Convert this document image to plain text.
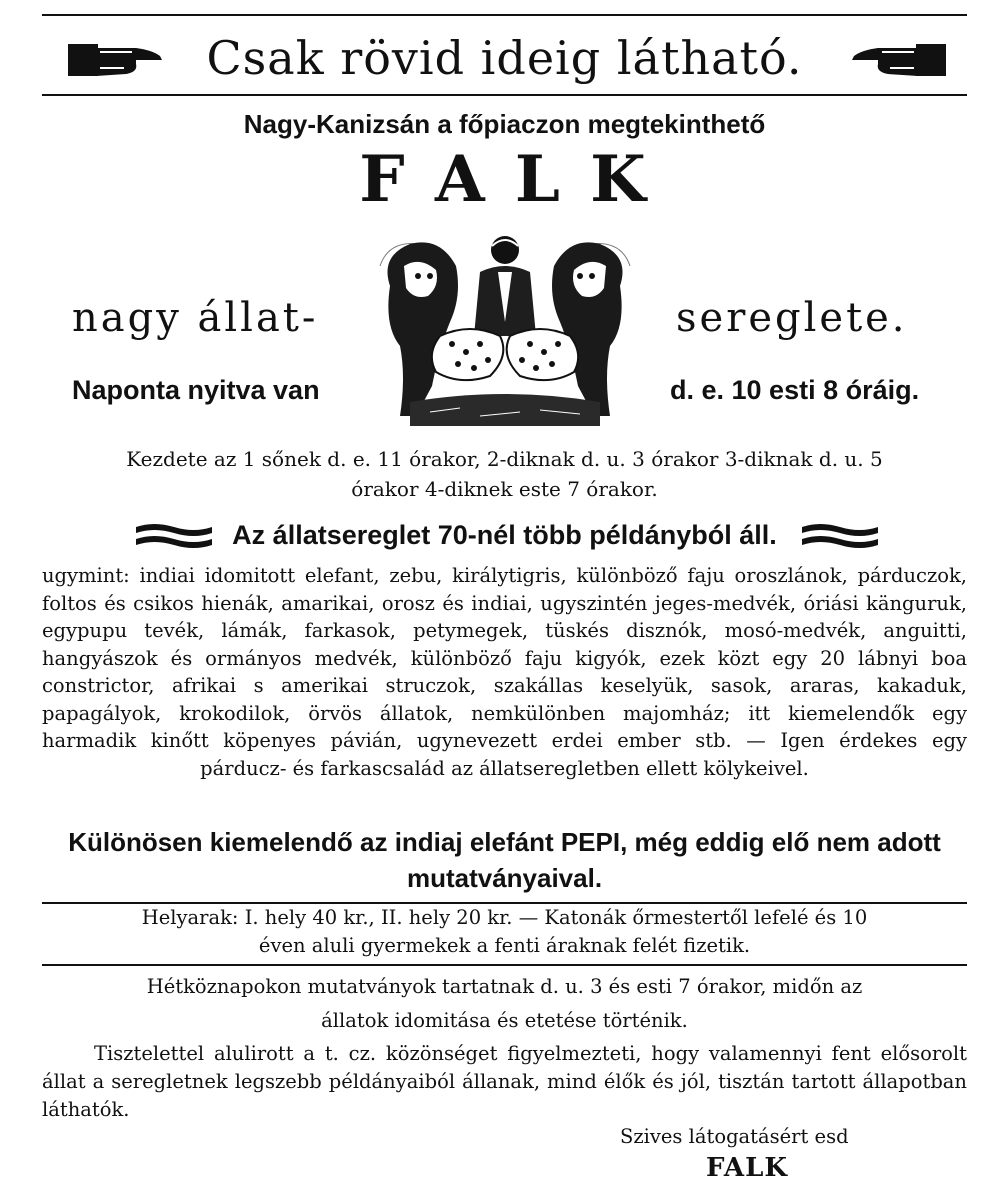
Csak rövid ideig látható.
Nagy-Kanizsán a főpiaczon megtekinthető
F A L K
nagy állat-	sereglete.
Naponta nyitva van	d. e. 10 esti 8 óráig.
Kezdete az 1 sőnek d. e. 11 órakor, 2-diknak d. u. 3 órakor 3-diknak d. u. 5
órakor 4-diknek este 7 órakor.
Az állatsereglet 70-nél több példányból áll.
ugymint: indiai idomitott elefant, zebu, királytigris, különböző faju oroszlánok, párduczok, foltos és csikos hienák, amarikai, orosz és indiai, ugyszintén jeges-medvék, óriási känguruk, egypupu tevék, lámák, farkasok, petymegek, tüskés disznók, mosó-medvék, anguitti, hangyászok és ormányos medvék, különböző faju kigyók, ezek közt egy 20 lábnyi boa constrictor, afrikai s amerikai struczok, szakállas keselyük, sasok, araras, kakaduk, papagályok, krokodilok, örvös állatok, nemkülönben majomház; itt kiemelendők egy harmadik kinőtt köpenyes pávián, ugynevezett erdei ember stb. — Igen érdekes egy párducz- és farkascsalád az állatseregletben ellett kölykeivel.
Különösen kiemelendő az indiaj elefánt PEPI, még eddig elő nem adott
mutatványaival.
Helyarak: I. hely 40 kr., II. hely 20 kr. — Katonák őrmestertől lefelé és 10
éven aluli gyermekek a fenti áraknak felét fizetik.
Hétköznapokon mutatványok tartatnak d. u. 3 és esti 7 órakor, midőn az
állatok idomitása és etetése történik.
Tisztelettel alulirott a t. cz. közönséget figyelmezteti, hogy valamennyi fent elősorolt állat a seregletnek legszebb példányaiból állanak, mind élők és jól, tisztán tartott állapotban láthatók.
Szives látogatásért esd
FALK
